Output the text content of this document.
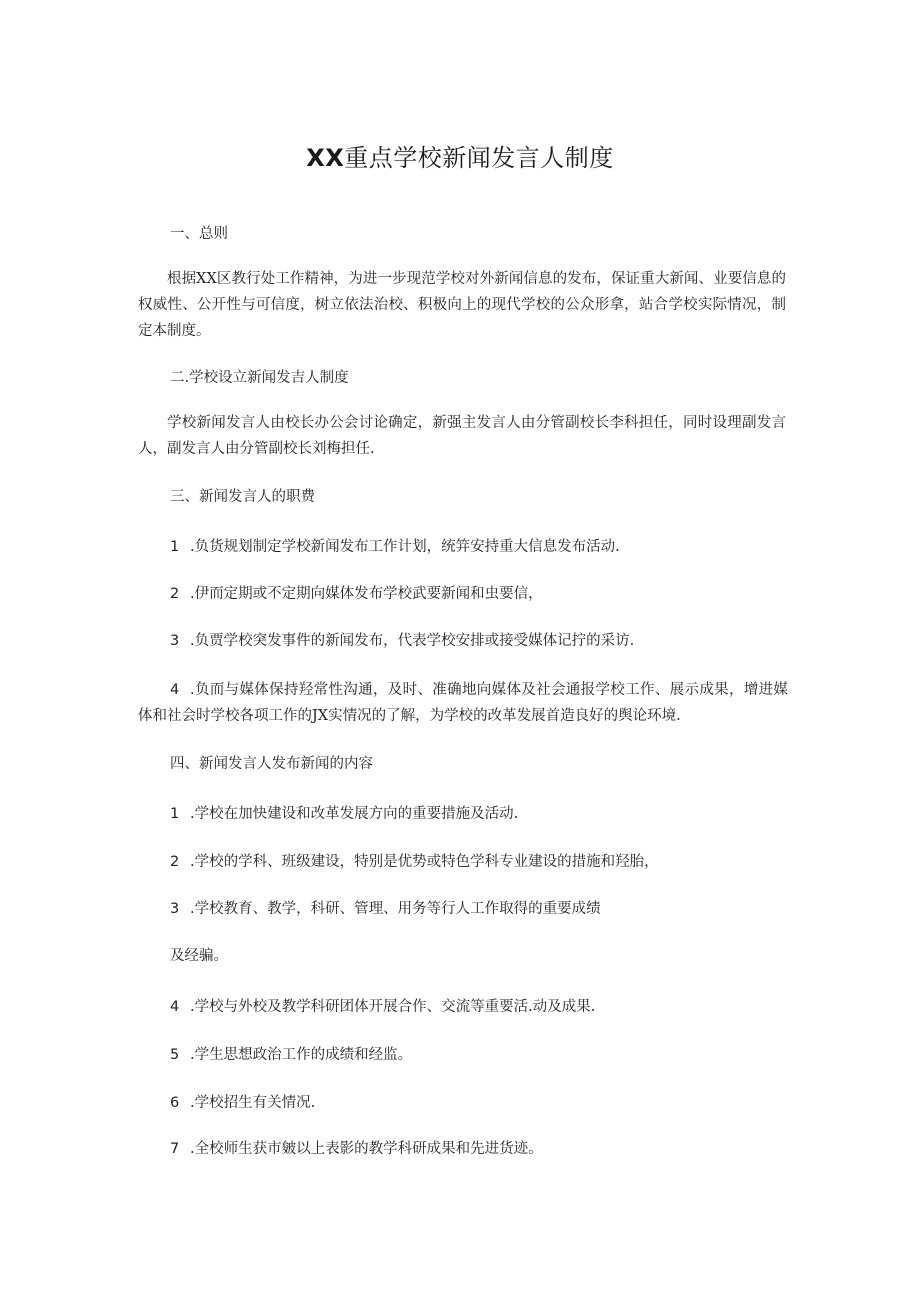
XX重点学校新闻发言人制度

一、总则

根据XX区教行处工作精神，为进一步现范学校对外新闻信息的发布，保证重大新闻、业要信息的权威性、公开性与可信度，树立依法治校、积极向上的现代学校的公众形拿，站合学校实际情况，制定本制度。

二.学校设立新闻发吉人制度

学校新闻发言人由校长办公会讨论确定，新强主发言人由分管副校长李科担任，同时设理副发言人，副发言人由分管副校长刘梅担任.

三、新闻发言人的职费

1 .负货规划制定学校新闻发布工作计划，统笄安持重大信息发布活动.

2 .伊而定期或不定期向媒体发布学校武要新闻和虫要信，

3 .负贾学校突发事件的新闻发布，代表学校安排或接受媒体记拧的采访.

4 .负而与媒体保持羟常性沟通，及时、准确地向媒体及社会通报学校工作、展示成果，增进媒体和社会时学校各项工作的JX实情况的了解，为学校的改革发展首造良好的舆论环境.

四、新闻发言人发布新闻的内容

1 .学校在加快建设和改革发展方向的重要措施及活动.

2 .学校的学科、班级建设，特别是优势或特色学科专业建设的措施和羟胎，

3 .学校教育、教学，科研、管理、用务等行人工作取得的重要成绩

及经骗。

4 .学校与外校及教学科研团体开展合作、交流等重要活.动及成果.

5 .学生思想政治工作的成绩和经监。

6 .学校招生有关情况.

7 .全校师生获市皴以上表影的教学科研成果和先进货迹。
